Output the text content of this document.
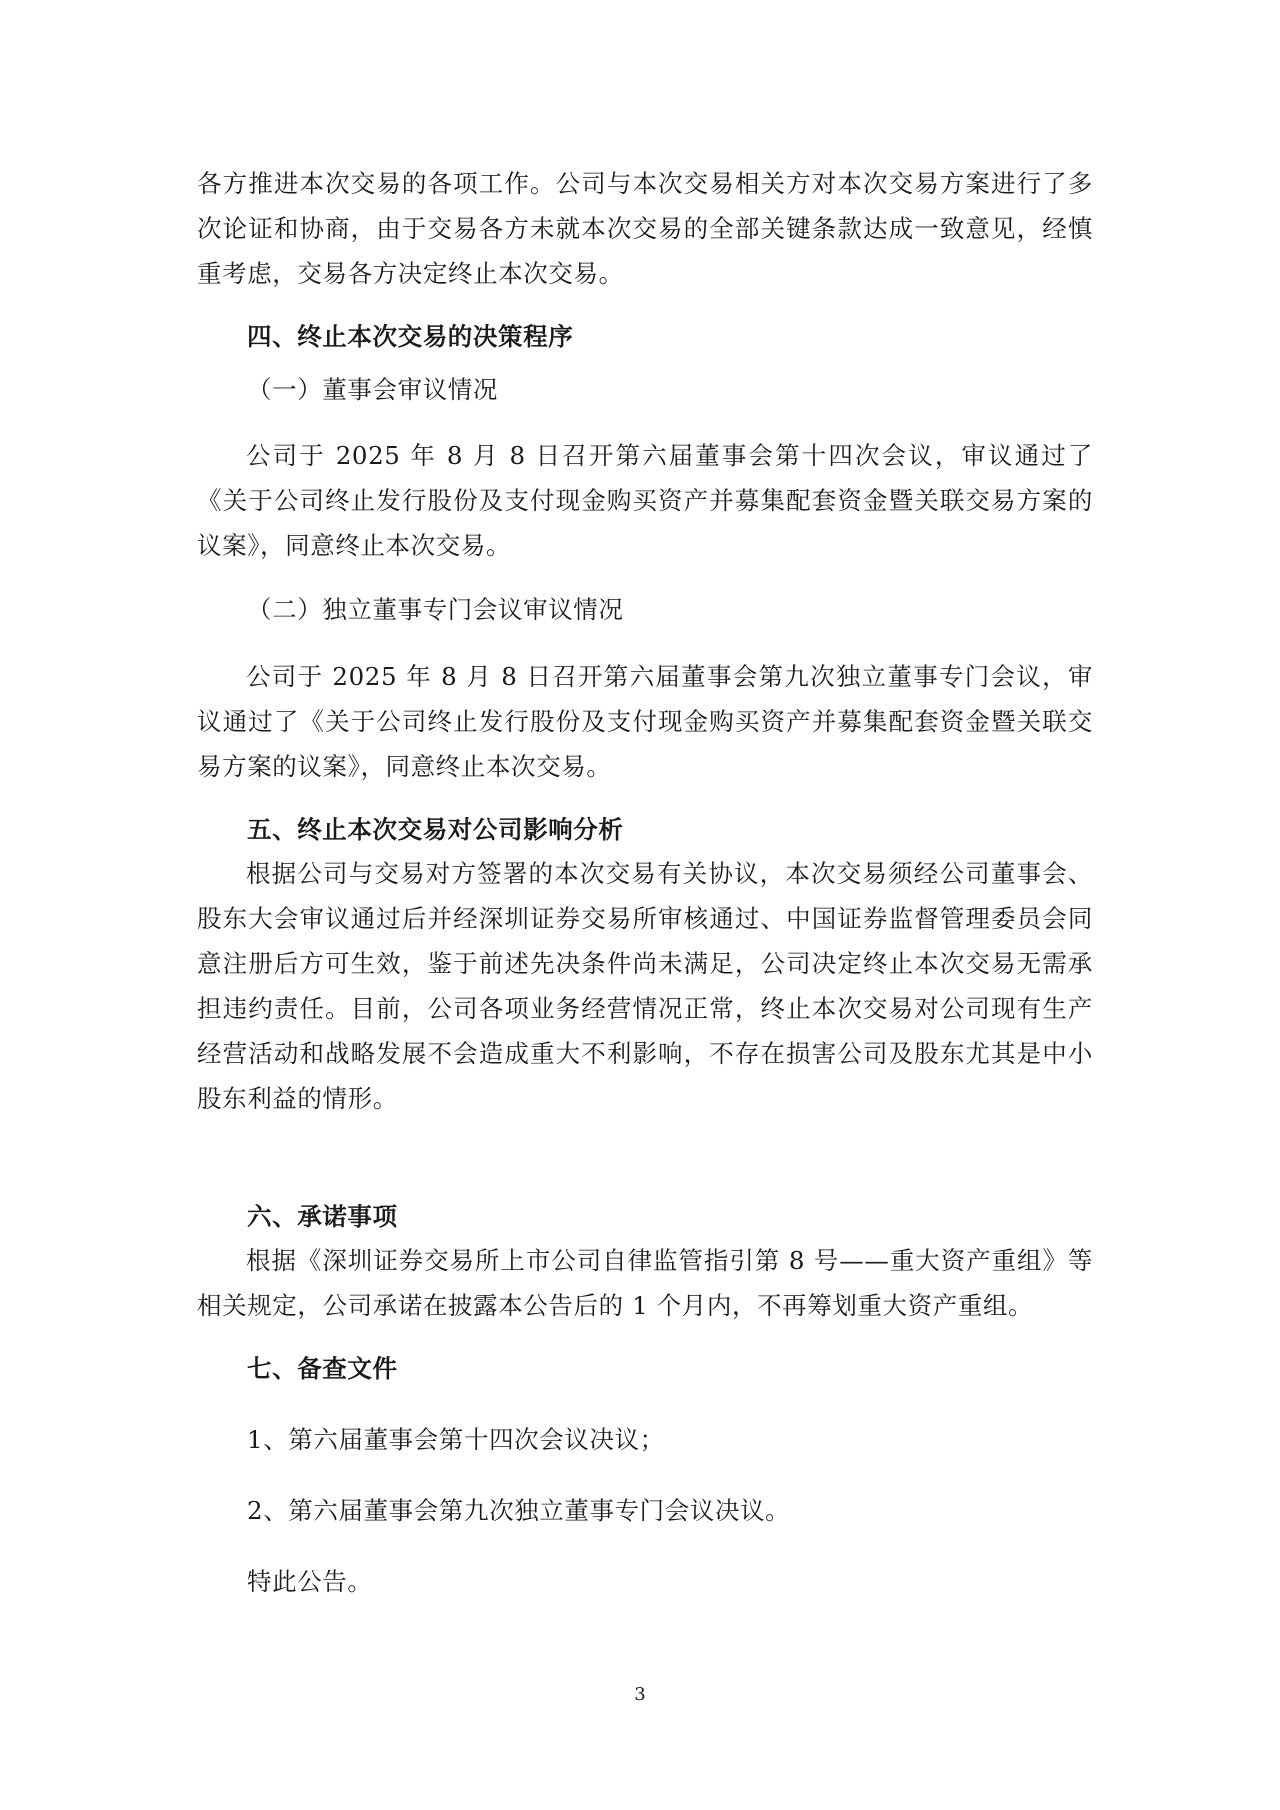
各方推进本次交易的各项工作。公司与本次交易相关方对本次交易方案进行了多次论证和协商，由于交易各方未就本次交易的全部关键条款达成一致意见，经慎重考虑，交易各方决定终止本次交易。

四、终止本次交易的决策程序

（一）董事会审议情况

公司于 2025 年 8 月 8 日召开第六届董事会第十四次会议，审议通过了《关于公司终止发行股份及支付现金购买资产并募集配套资金暨关联交易方案的议案》，同意终止本次交易。

（二）独立董事专门会议审议情况

公司于 2025 年 8 月 8 日召开第六届董事会第九次独立董事专门会议，审议通过了《关于公司终止发行股份及支付现金购买资产并募集配套资金暨关联交易方案的议案》，同意终止本次交易。

五、终止本次交易对公司影响分析

根据公司与交易对方签署的本次交易有关协议，本次交易须经公司董事会、股东大会审议通过后并经深圳证券交易所审核通过、中国证券监督管理委员会同意注册后方可生效，鉴于前述先决条件尚未满足，公司决定终止本次交易无需承担违约责任。目前，公司各项业务经营情况正常，终止本次交易对公司现有生产经营活动和战略发展不会造成重大不利影响，不存在损害公司及股东尤其是中小股东利益的情形。

六、承诺事项

根据《深圳证券交易所上市公司自律监管指引第 8 号——重大资产重组》等相关规定，公司承诺在披露本公告后的 1 个月内，不再筹划重大资产重组。

七、备查文件

1、第六届董事会第十四次会议决议；

2、第六届董事会第九次独立董事专门会议决议。

特此公告。

3
